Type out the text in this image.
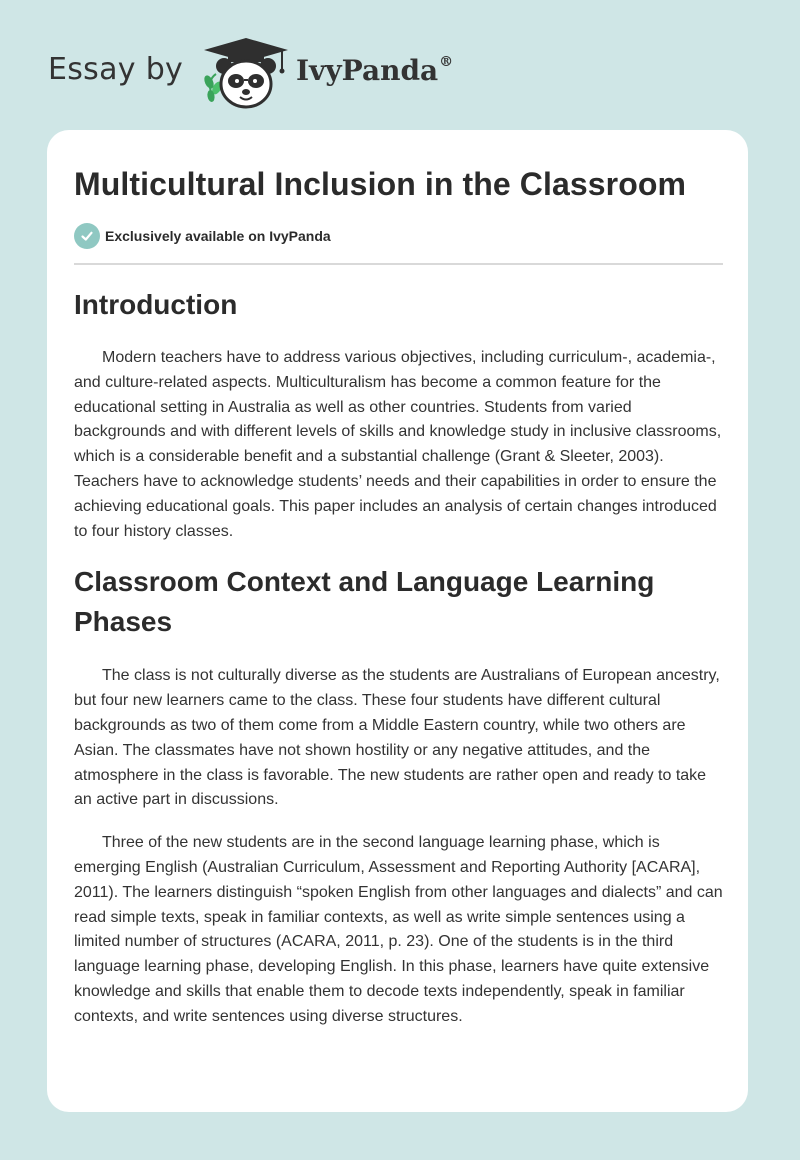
Essay by	IvyPanda®
Multicultural Inclusion in the Classroom
Exclusively available on IvyPanda
Introduction

Modern teachers have to address various objectives, including curriculum-, academia-, and culture-related aspects. Multiculturalism has become a common feature for the educational setting in Australia as well as other countries. Students from varied backgrounds and with different levels of skills and knowledge study in inclusive classrooms, which is a considerable benefit and a substantial challenge (Grant & Sleeter, 2003). Teachers have to acknowledge students’ needs and their capabilities in order to ensure the achieving educational goals. This paper includes an analysis of certain changes introduced to four history classes.

Classroom Context and Language Learning Phases

The class is not culturally diverse as the students are Australians of European ancestry, but four new learners came to the class. These four students have different cultural backgrounds as two of them come from a Middle Eastern country, while two others are Asian. The classmates have not shown hostility or any negative attitudes, and the atmosphere in the class is favorable. The new students are rather open and ready to take an active part in discussions.

Three of the new students are in the second language learning phase, which is emerging English (Australian Curriculum, Assessment and Reporting Authority [ACARA], 2011). The learners distinguish “spoken English from other languages and dialects” and can read simple texts, speak in familiar contexts, as well as write simple sentences using a limited number of structures (ACARA, 2011, p. 23). One of the students is in the third language learning phase, developing English. In this phase, learners have quite extensive knowledge and skills that enable them to decode texts independently, speak in familiar contexts, and write sentences using diverse structures.
